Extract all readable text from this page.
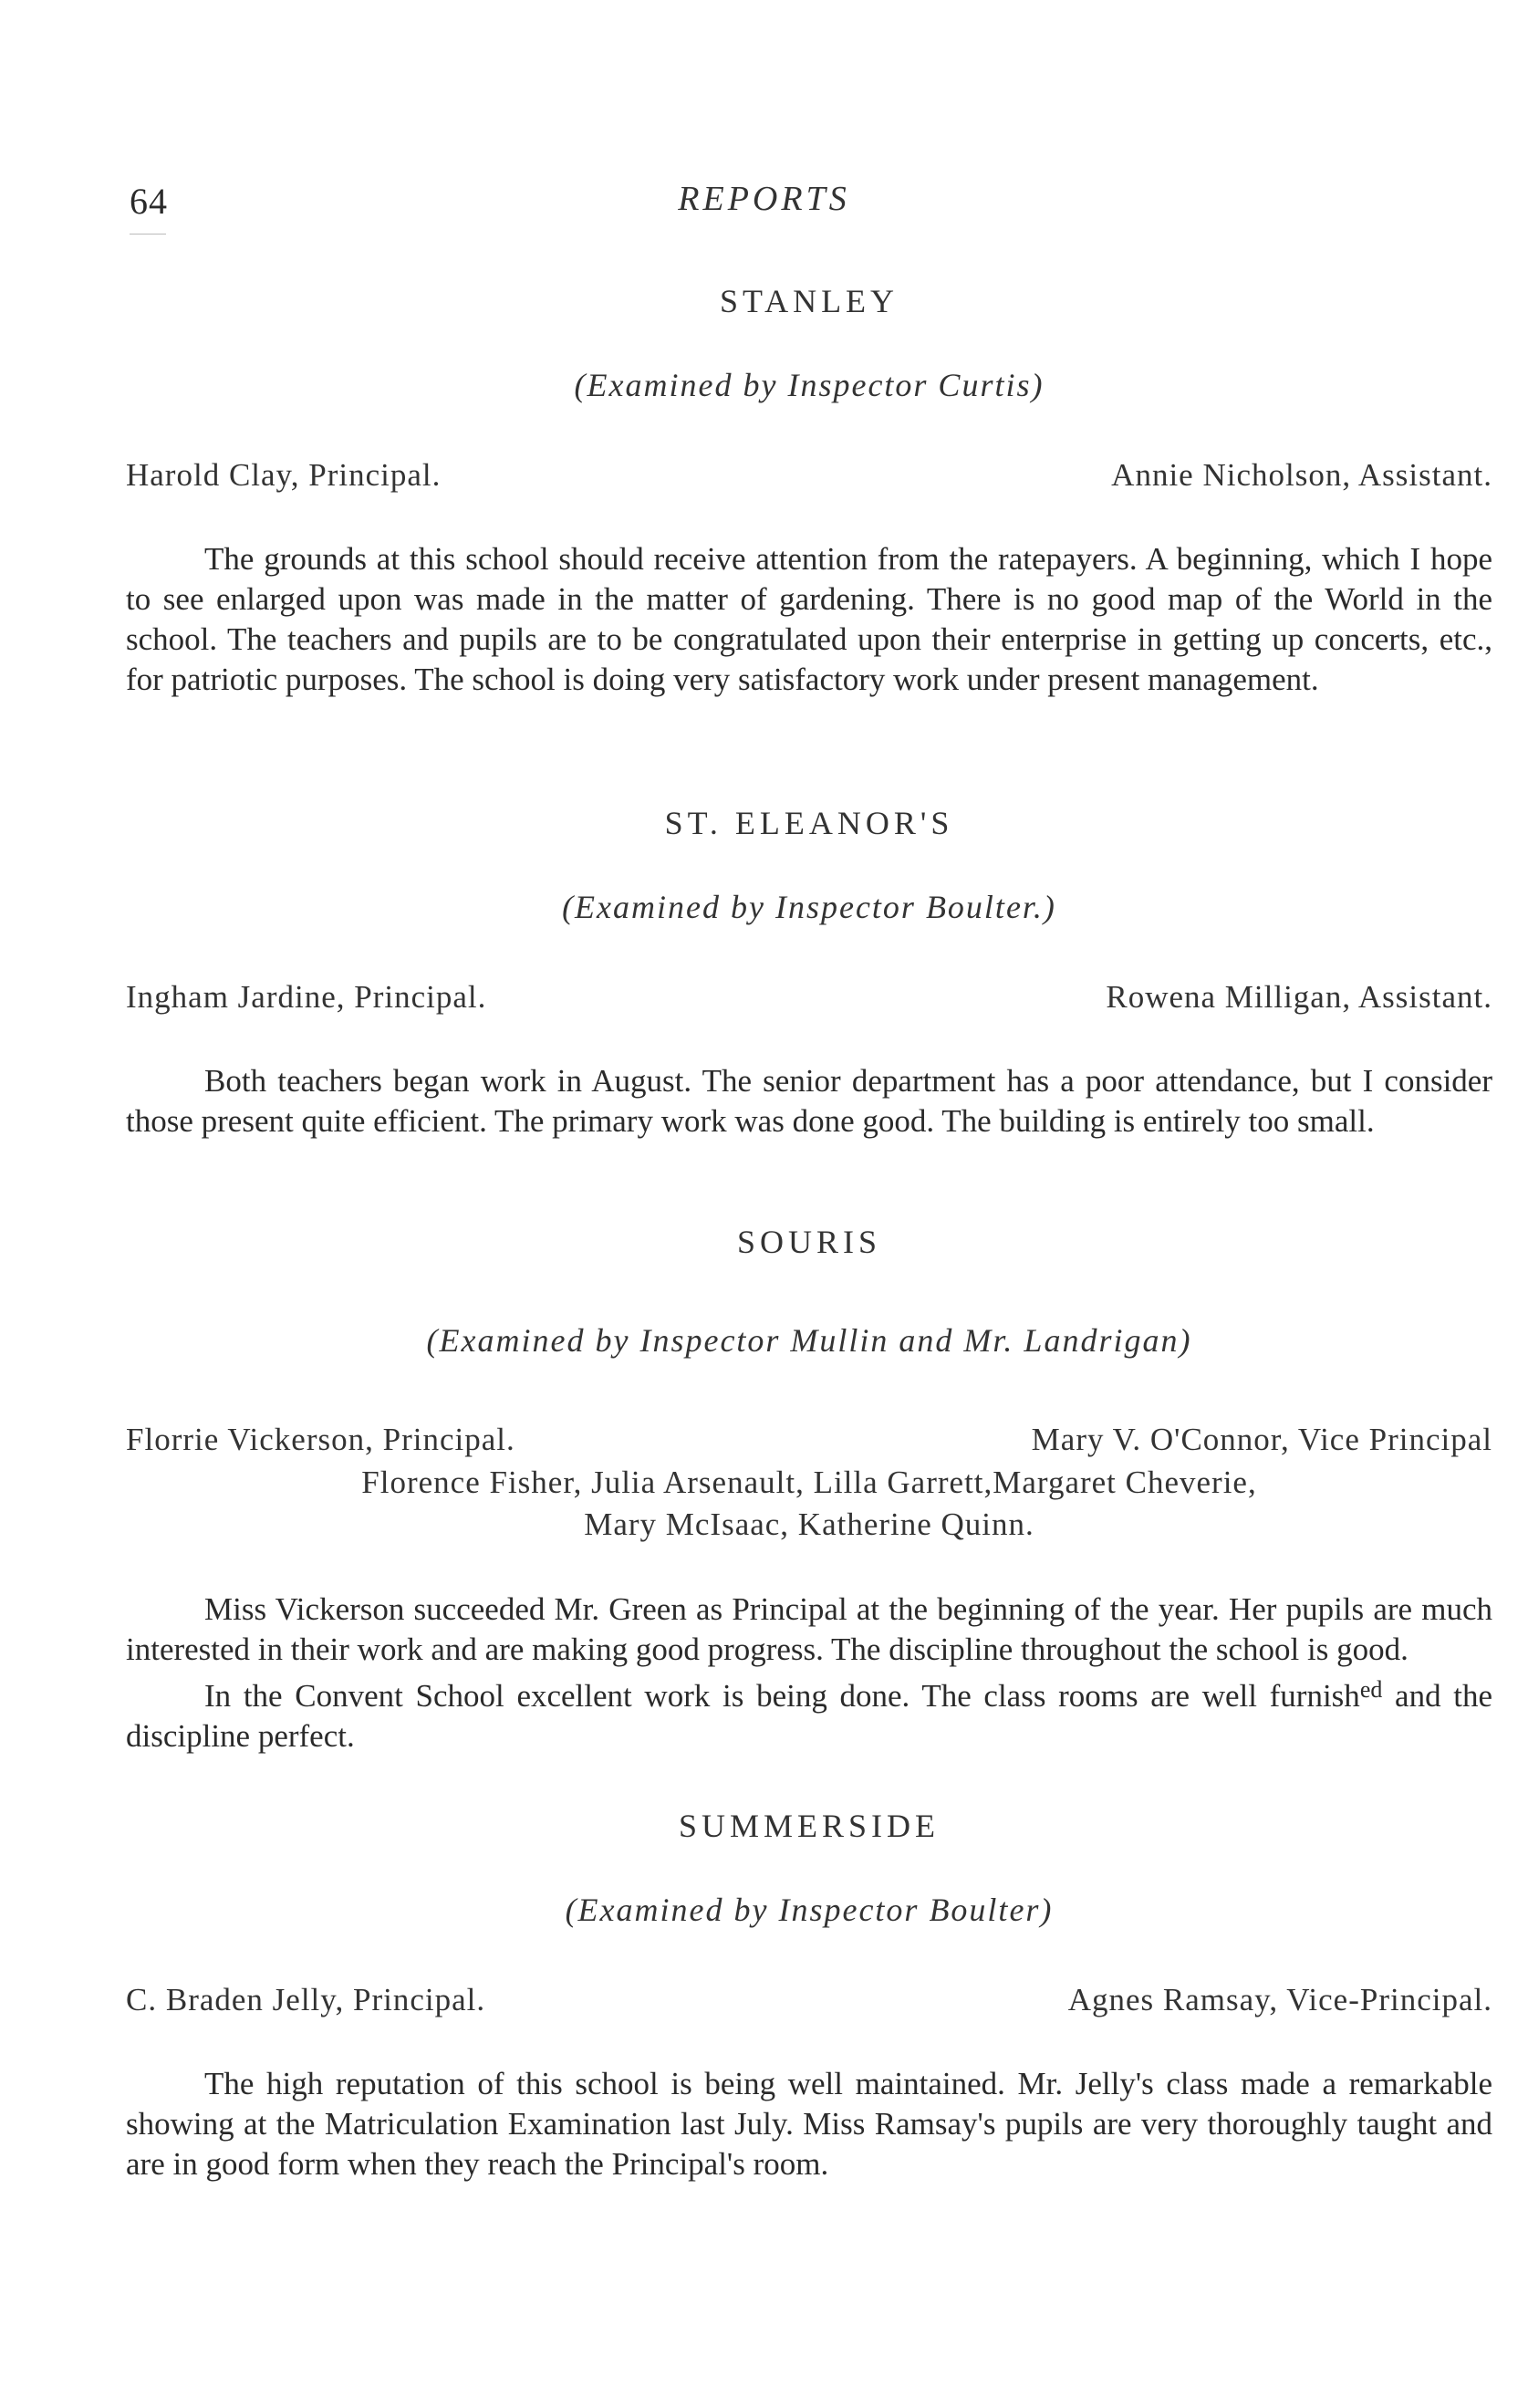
64	REPORTS
STANLEY
(Examined by Inspector Curtis)
Harold Clay, Principal.	Annie Nicholson, Assistant.

The grounds at this school should receive attention from the ratepayers. A beginning, which I hope to see enlarged upon was made in the matter of gardening. There is no good map of the World in the school. The teachers and pupils are to be congratulated upon their enterprise in getting up concerts, etc., for patriotic purposes. The school is doing very satisfactory work under present management.

ST. ELEANOR'S
(Examined by Inspector Boulter.)
Ingham Jardine, Principal.	Rowena Milligan, Assistant.

Both teachers began work in August. The senior department has a poor attendance, but I consider those present quite efficient. The primary work was done good. The building is entirely too small.

SOURIS
(Examined by Inspector Mullin and Mr. Landrigan)
Florrie Vickerson, Principal.	Mary V. O'Connor, Vice Principal
Florence Fisher, Julia Arsenault, Lilla Garrett,Margaret Cheverie,
Mary McIsaac, Katherine Quinn.

Miss Vickerson succeeded Mr. Green as Principal at the beginning of the year. Her pupils are much interested in their work and are making good progress. The discipline throughout the school is good.

In the Convent School excellent work is being done. The class rooms are well furnish$^{ed}$ and the discipline perfect.

SUMMERSIDE
(Examined by Inspector Boulter)
C. Braden Jelly, Principal.	Agnes Ramsay, Vice-Principal.

The high reputation of this school is being well maintained. Mr. Jelly's class made a remarkable showing at the Matriculation Examination last July. Miss Ramsay's pupils are very thoroughly taught and are in good form when they reach the Principal's room.
